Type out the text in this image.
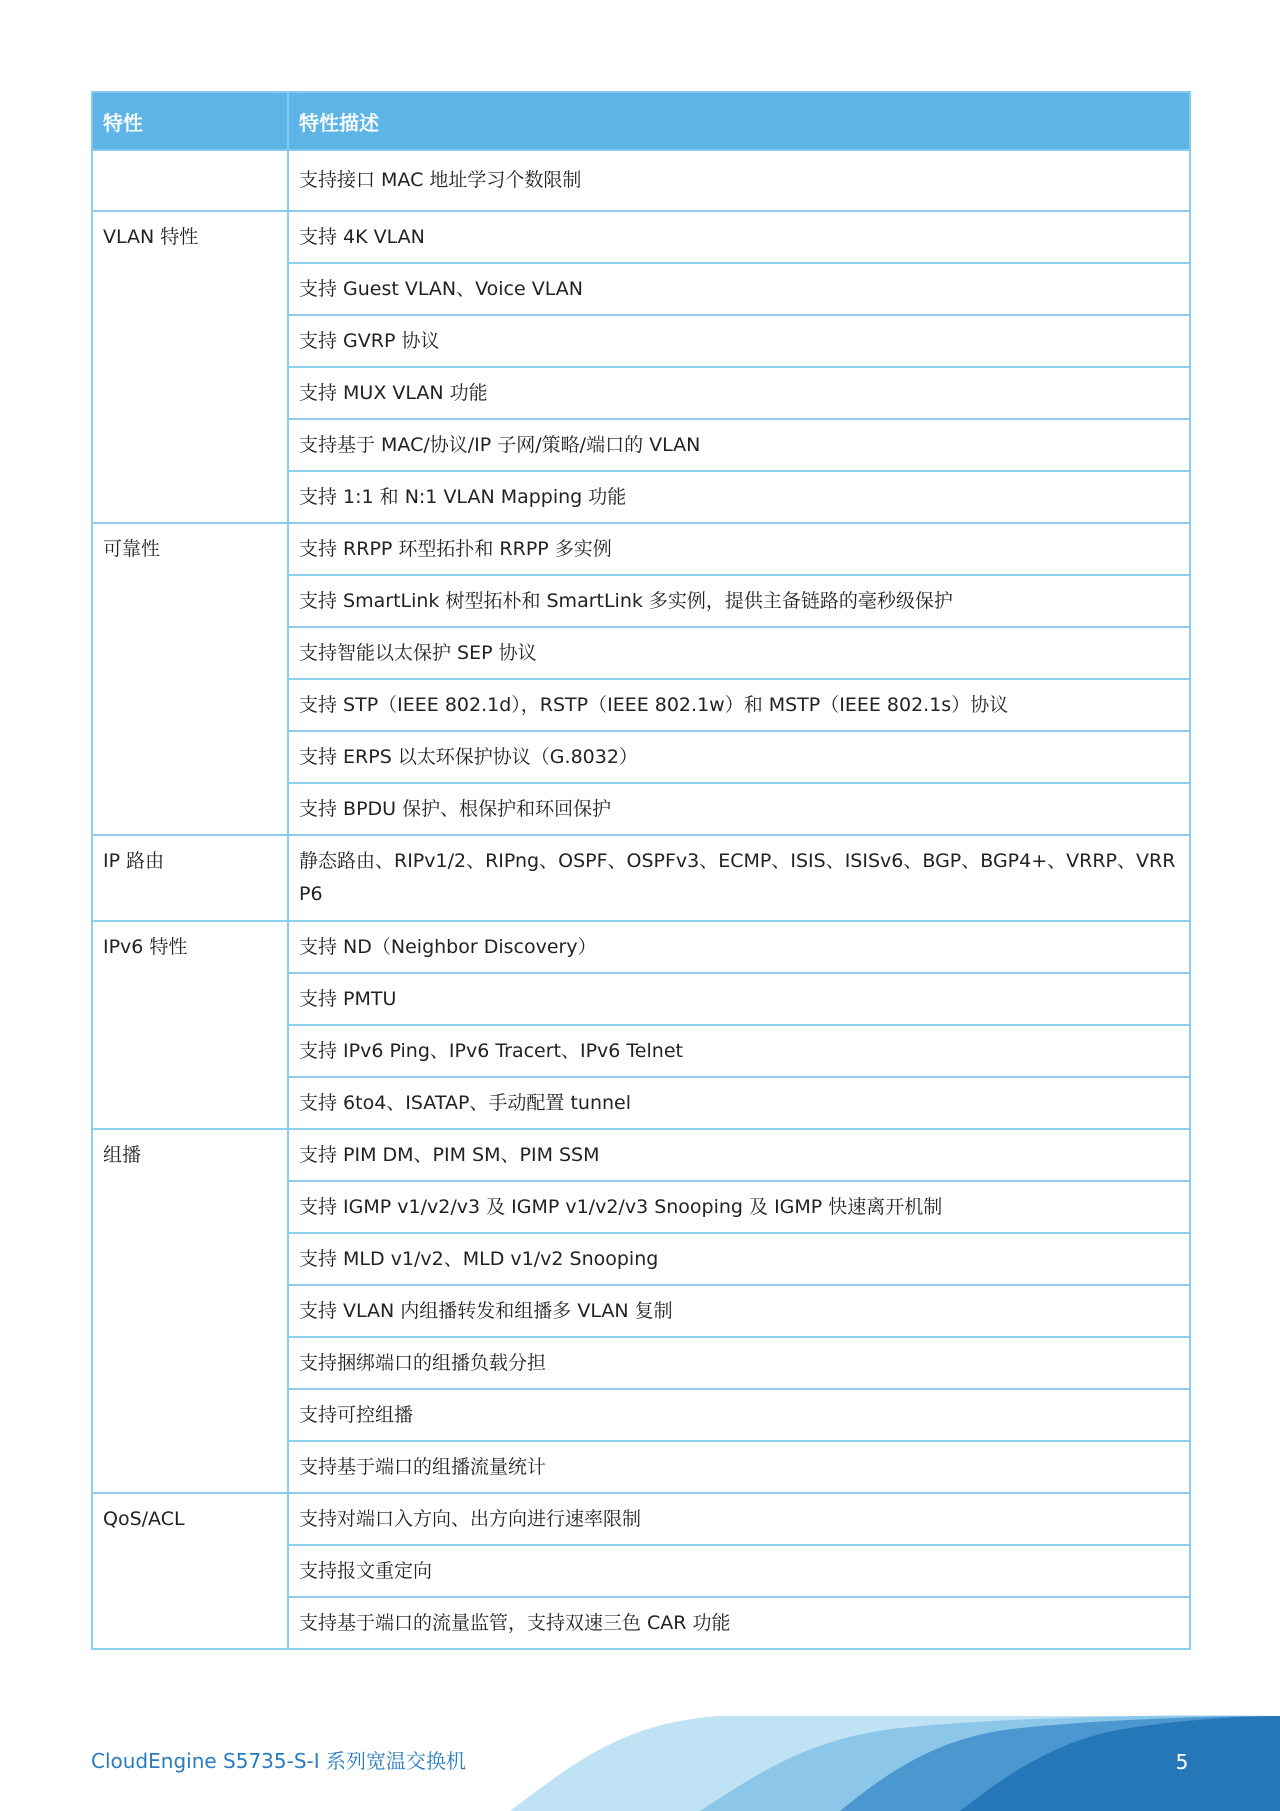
特性	特性描述
	支持接口 MAC 地址学习个数限制
VLAN 特性	支持 4K VLAN
	支持 Guest VLAN、Voice VLAN
	支持 GVRP 协议
	支持 MUX VLAN 功能
	支持基于 MAC/协议/IP 子网/策略/端口的 VLAN
	支持 1:1 和 N:1 VLAN Mapping 功能
可靠性	支持 RRPP 环型拓扑和 RRPP 多实例
	支持 SmartLink 树型拓朴和 SmartLink 多实例，提供主备链路的毫秒级保护
	支持智能以太保护 SEP 协议
	支持 STP（IEEE 802.1d），RSTP（IEEE 802.1w）和 MSTP（IEEE 802.1s）协议
	支持 ERPS 以太环保护协议（G.8032）
	支持 BPDU 保护、根保护和环回保护
IP 路由	静态路由、RIPv1/2、RIPng、OSPF、OSPFv3、ECMP、ISIS、ISISv6、BGP、BGP4+、VRRP、VRRP6
IPv6 特性	支持 ND（Neighbor Discovery）
	支持 PMTU
	支持 IPv6 Ping、IPv6 Tracert、IPv6 Telnet
	支持 6to4、ISATAP、手动配置 tunnel
组播	支持 PIM DM、PIM SM、PIM SSM
	支持 IGMP v1/v2/v3 及 IGMP v1/v2/v3 Snooping 及 IGMP 快速离开机制
	支持 MLD v1/v2、MLD v1/v2 Snooping
	支持 VLAN 内组播转发和组播多 VLAN 复制
	支持捆绑端口的组播负载分担
	支持可控组播
	支持基于端口的组播流量统计
QoS/ACL	支持对端口入方向、出方向进行速率限制
	支持报文重定向
	支持基于端口的流量监管，支持双速三色 CAR 功能
CloudEngine S5735-S-I 系列宽温交换机	5
